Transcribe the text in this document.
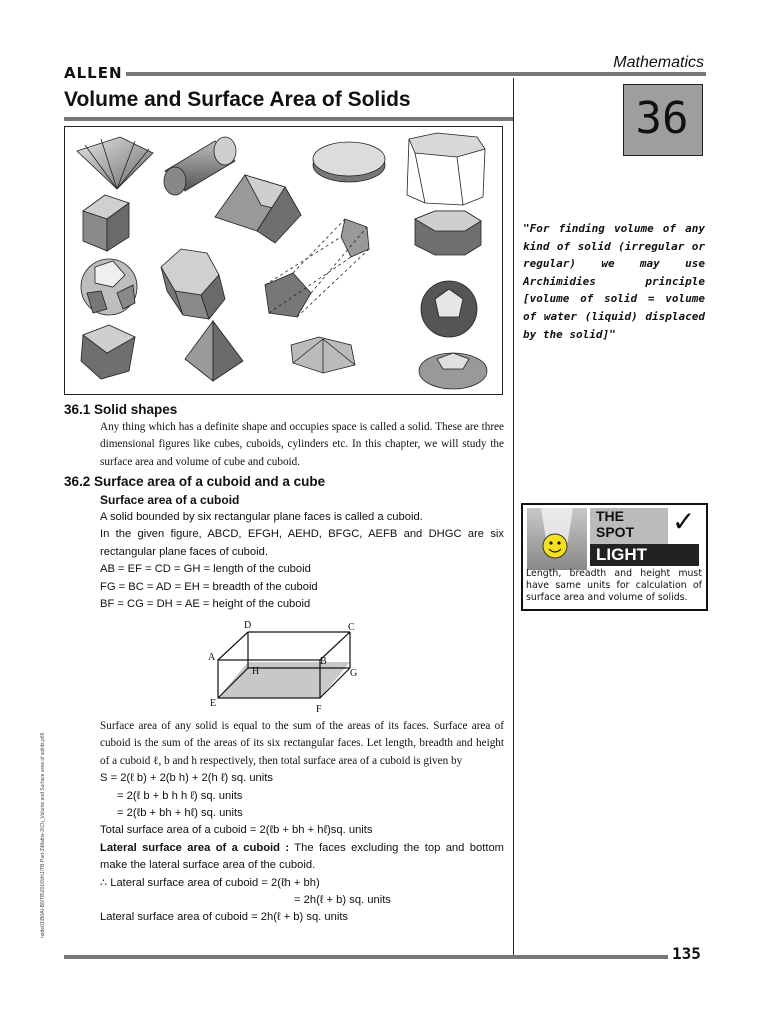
ALLEN
Mathematics
Volume and Surface Area of Solids	36
"For finding volume of any kind of solid (irregular or regular) we may use Archimidies principle [volume of solid = volume of water (liquid) displaced by the solid]"
36.1 Solid shapes
Any thing which has a definite shape and occupies space is called a solid. These are three dimensional figures like cubes, cuboids, cylinders etc. In this chapter, we will study the surface area and volume of cube and cuboid.
36.2 Surface area of a cuboid and a cube
Surface area of a cuboid
A solid bounded by six rectangular plane faces is called a cuboid.
In the given figure, ABCD, EFGH, AEHD, BFGC, AEFB and DHGC are six rectangular plane faces of cuboid.
AB = EF = CD = GH = length of the cuboid
FG = BC = AD = EH = breadth of the cuboid
BF = CG = DH = AE = height of the cuboid
D	C
A	B
H	G
E
F
Surface area of any solid is equal to the sum of the areas of its faces. Surface area of cuboid is the sum of the areas of its six rectangular faces. Let length, breadth and height of a cuboid ℓ, b and h respectively, then total surface area of a cuboid is given by
S = 2(ℓ b) + 2(b h) + 2(h ℓ) sq. units
= 2(ℓ b + b h h ℓ) sq. units
= 2(ℓb + bh + hℓ) sq. units
Total surface area of a cuboid = 2(ℓb + bh + hℓ)sq. units
Lateral surface area of a cuboid : The faces excluding the top and bottom make the lateral surface area of the cuboid.
∴ Lateral surface area of cuboid = 2(ℓh + bh)
= 2h(ℓ + b) sq. units
Lateral surface area of cuboid = 2h(ℓ + b) sq. units
THE
SPOT ✓
LIGHT
Length, breadth and height must have same units for calculation of surface area and volume of solids.
node01\B0AI-B0\TB\2016\th\1\TB Part-3\Maths-3\Ch_Volume and Surface area of solids.p65
135
